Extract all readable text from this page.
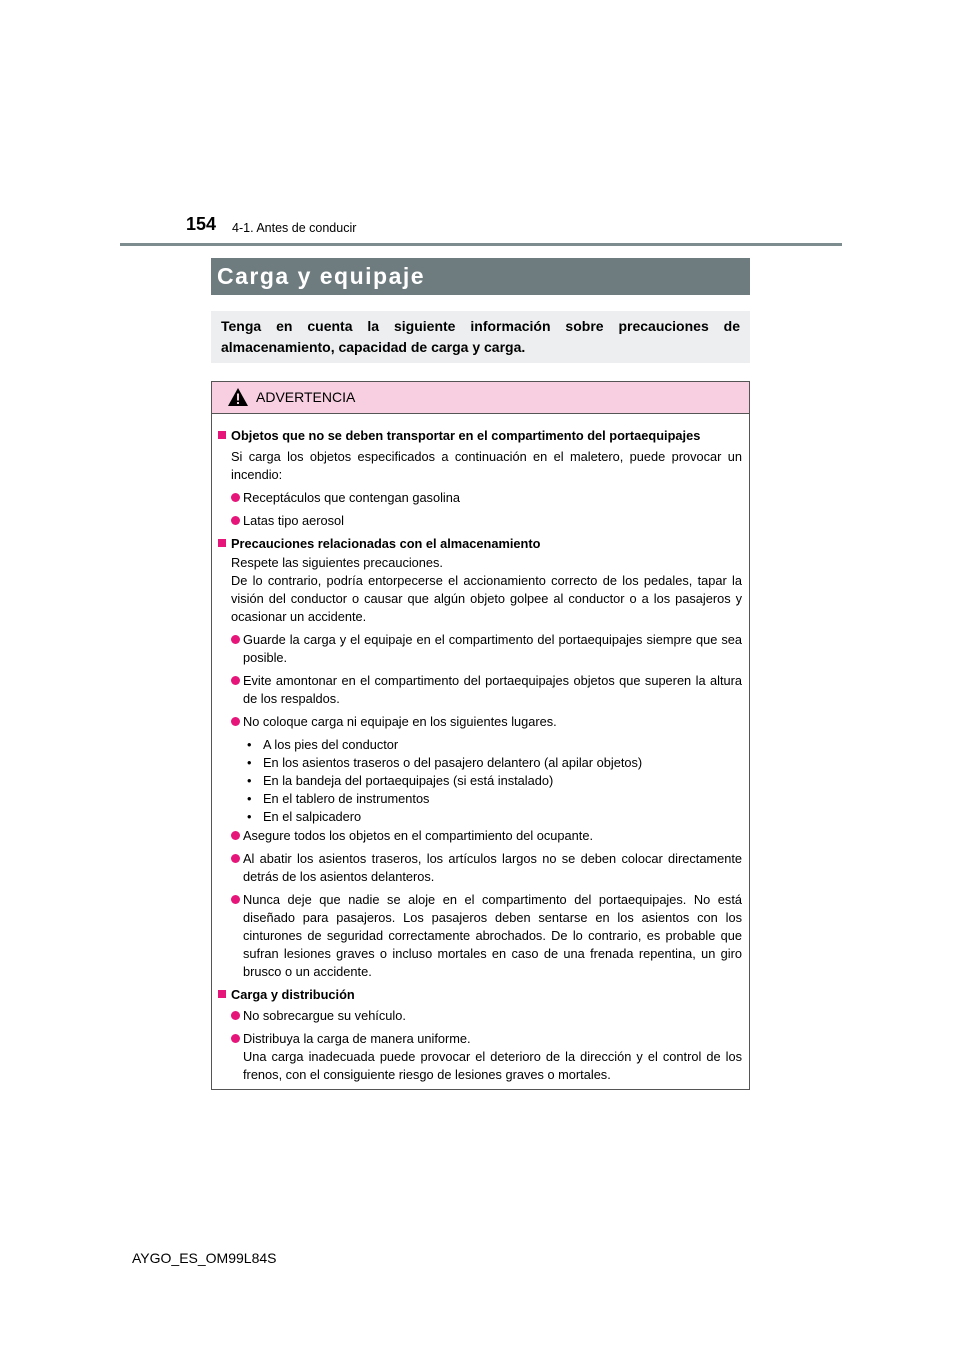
154 4-1. Antes de conducir
Carga y equipaje
Tenga en cuenta la siguiente información sobre precauciones de almacenamiento, capacidad de carga y carga.
ADVERTENCIA
Objetos que no se deben transportar en el compartimento del portaequipajes
Si carga los objetos especificados a continuación en el maletero, puede provocar un incendio:
Receptáculos que contengan gasolina
Latas tipo aerosol
Precauciones relacionadas con el almacenamiento
Respete las siguientes precauciones.
De lo contrario, podría entorpecerse el accionamiento correcto de los pedales, tapar la visión del conductor o causar que algún objeto golpee al conductor o a los pasajeros y ocasionar un accidente.
Guarde la carga y el equipaje en el compartimento del portaequipajes siempre que sea posible.
Evite amontonar en el compartimento del portaequipajes objetos que superen la altura de los respaldos.
No coloque carga ni equipaje en los siguientes lugares.
• A los pies del conductor
• En los asientos traseros o del pasajero delantero (al apilar objetos)
• En la bandeja del portaequipajes (si está instalado)
• En el tablero de instrumentos
• En el salpicadero
Asegure todos los objetos en el compartimiento del ocupante.
Al abatir los asientos traseros, los artículos largos no se deben colocar directamente detrás de los asientos delanteros.
Nunca deje que nadie se aloje en el compartimento del portaequipajes. No está diseñado para pasajeros. Los pasajeros deben sentarse en los asientos con los cinturones de seguridad correctamente abrochados. De lo contrario, es probable que sufran lesiones graves o incluso mortales en caso de una frenada repentina, un giro brusco o un accidente.
Carga y distribución
No sobrecargue su vehículo.
Distribuya la carga de manera uniforme.
Una carga inadecuada puede provocar el deterioro de la dirección y el control de los frenos, con el consiguiente riesgo de lesiones graves o mortales.
AYGO_ES_OM99L84S
